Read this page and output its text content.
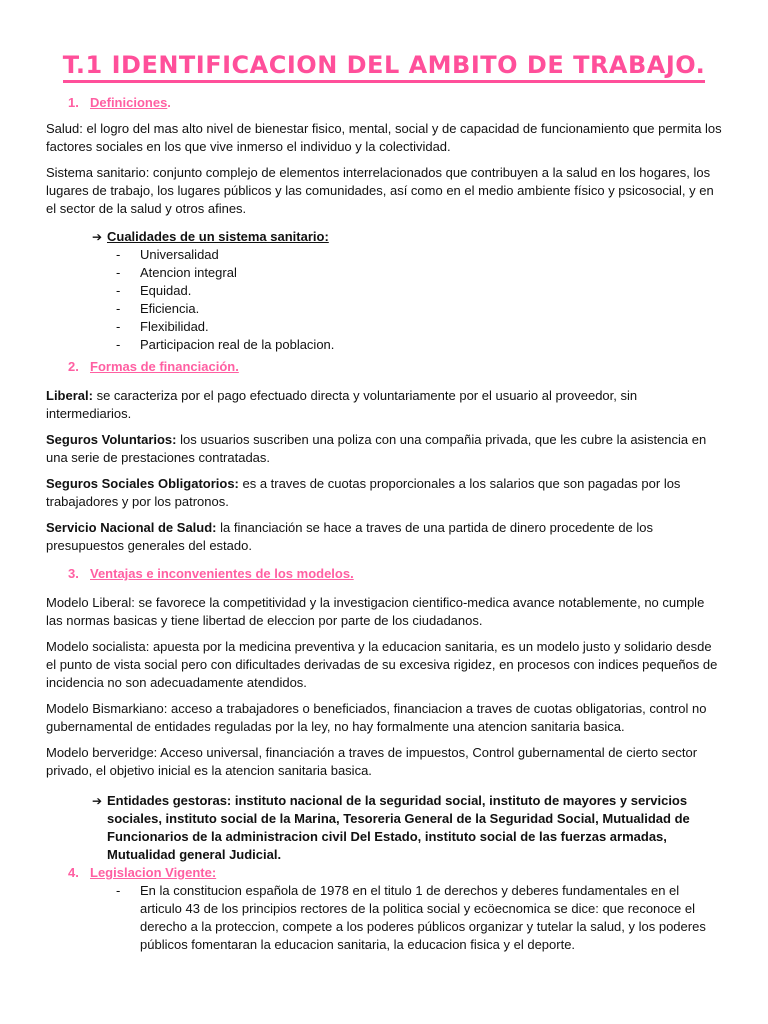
T.1 IDENTIFICACION DEL AMBITO DE TRABAJO.
1. Definiciones.

Salud: el logro del mas alto nivel de bienestar fisico, mental, social y de capacidad de funcionamiento que permita los factores sociales en los que vive inmerso el individuo y la colectividad.

Sistema sanitario: conjunto complejo de elementos interrelacionados que contribuyen a la salud en los hogares, los lugares de trabajo, los lugares públicos y las comunidades, así como en el medio ambiente físico y psicosocial, y en el sector de la salud y otros afines.

➔ Cualidades de un sistema sanitario:
-	Universalidad
-	Atencion integral
-	Equidad.
-	Eficiencia.
-	Flexibilidad.
-	Participacion real de la poblacion.
2. Formas de financiación.

Liberal: se caracteriza por el pago efectuado directa y voluntariamente por el usuario al proveedor, sin intermediarios.

Seguros Voluntarios: los usuarios suscriben una poliza con una compañia privada, que les cubre la asistencia en una serie de prestaciones contratadas.

Seguros Sociales Obligatorios: es a traves de cuotas proporcionales a los salarios que son pagadas por los trabajadores y por los patronos.

Servicio Nacional de Salud: la financiación se hace a traves de una partida de dinero procedente de los presupuestos generales del estado.

3. Ventajas e inconvenientes de los modelos.

Modelo Liberal: se favorece la competitividad y la investigacion cientifico-medica avance notablemente, no cumple las normas basicas y tiene libertad de eleccion por parte de los ciudadanos.

Modelo socialista: apuesta por la medicina preventiva y la educacion sanitaria, es un modelo justo y solidario desde el punto de vista social pero con dificultades derivadas de su excesiva rigidez, en procesos con indices pequeños de incidencia no son adecuadamente atendidos.

Modelo Bismarkiano: acceso a trabajadores o beneficiados, financiacion a traves de cuotas obligatorias, control no gubernamental de entidades reguladas por la ley, no hay formalmente una atencion sanitaria basica.

Modelo berveridge: Acceso universal, financiación a traves de impuestos, Control gubernamental de cierto sector privado, el objetivo inicial es la atencion sanitaria basica.

➔ Entidades gestoras: instituto nacional de la seguridad social, instituto de mayores y servicios sociales, instituto social de la Marina, Tesoreria General de la Seguridad Social, Mutualidad de Funcionarios de la administracion civil Del Estado, instituto social de las fuerzas armadas, Mutualidad general Judicial.
4. Legislacion Vigente:
-	En la constitucion española de 1978 en el titulo 1 de derechos y deberes fundamentales en el articulo 43 de los principios rectores de la politica social y ecöecnomica se dice: que reconoce el derecho a la proteccion, compete a los poderes públicos organizar y tutelar la salud, y los poderes públicos fomentaran la educacion sanitaria, la educacion fisica y el deporte.
